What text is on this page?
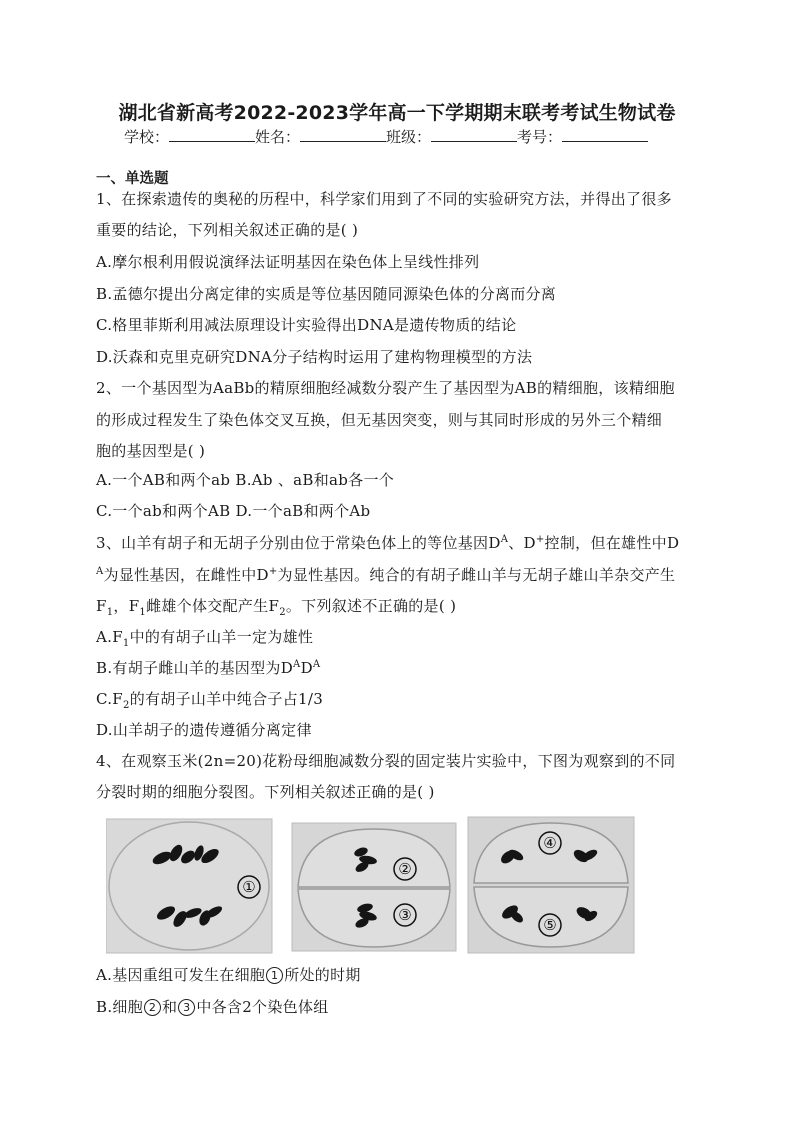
湖北省新高考2022-2023学年高一下学期期末联考考试生物试卷
学校：	姓名：	班级：	考号：
一、单选题
1、在探索遗传的奥秘的历程中，科学家们用到了不同的实验研究方法，并得出了很多
重要的结论，下列相关叙述正确的是( )
A.摩尔根利用假说演绎法证明基因在染色体上呈线性排列
B.孟德尔提出分离定律的实质是等位基因随同源染色体的分离而分离
C.格里菲斯利用减法原理设计实验得出DNA是遗传物质的结论
D.沃森和克里克研究DNA分子结构时运用了建构物理模型的方法
2、一个基因型为AaBb的精原细胞经减数分裂产生了基因型为AB的精细胞，该精细胞
的形成过程发生了染色体交叉互换，但无基因突变，则与其同时形成的另外三个精细
胞的基因型是( )
A.一个AB和两个ab B.Ab 、aB和ab各一个
C.一个ab和两个AB D.一个aB和两个Ab
3、山羊有胡子和无胡子分别由位于常染色体上的等位基因$D^A$、D+控制，但在雄性中D
$^A$为显性基因，在雌性中D+为显性基因。纯合的有胡子雌山羊与无胡子雄山羊杂交产生
$F_1$，$F_1$雌雄个体交配产生$F_2$。下列叙述不正确的是( )
$A.F_1$中的有胡子山羊一定为雄性
B.有胡子雌山羊的基因型为$D^AD^A$
$C.F_2$的有胡子山羊中纯合子占1/3
D.山羊胡子的遗传遵循分离定律
4、在观察玉米(2n=20)花粉母细胞减数分裂的固定装片实验中，下图为观察到的不同
分裂时期的细胞分裂图。下列相关叙述正确的是( )
①
②
③
④
⑤
A.基因重组可发生在细胞 1 所处的时期
B.细胞 2 和 3 中各含2个染色体组
